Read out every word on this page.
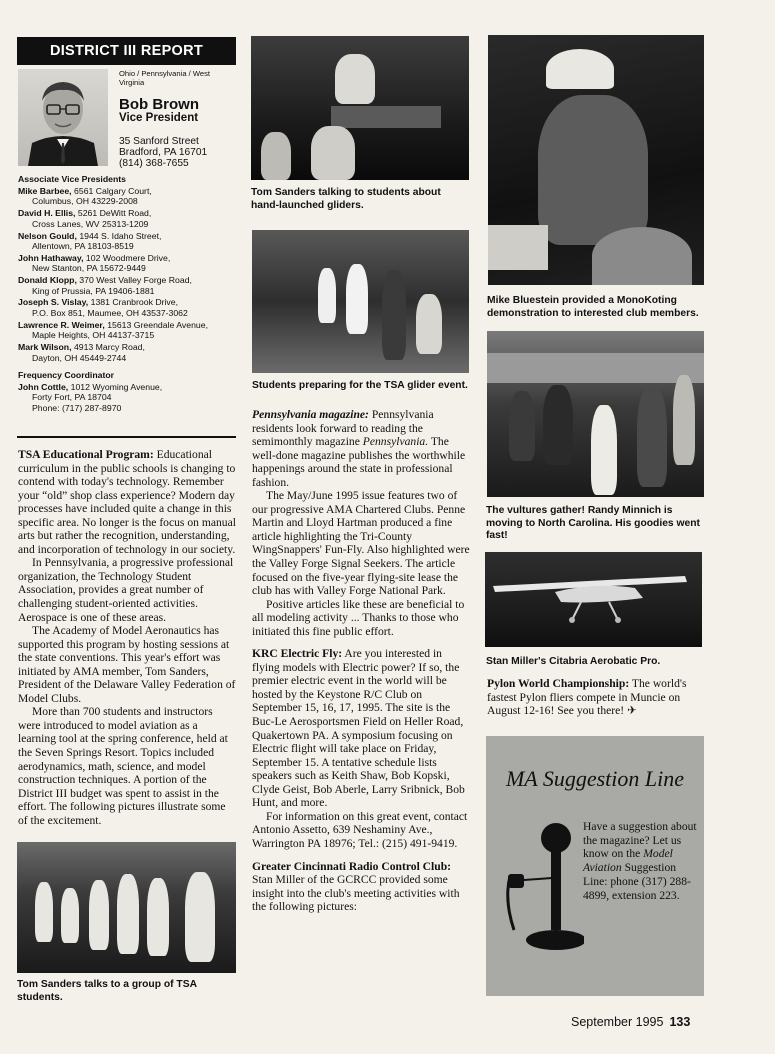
DISTRICT III REPORT
Ohio / Pennsylvania / West Virginia
Bob Brown
Vice President
35 Sanford Street
Bradford, PA 16701
(814) 368-7655
Associate Vice Presidents
Mike Barbee, 6561 Calgary Court,
Columbus, OH 43229-2008
David H. Ellis, 5261 DeWitt Road,
Cross Lanes, WV 25313-1209
Nelson Gould, 1944 S. Idaho Street,
Allentown, PA 18103-8519
John Hathaway, 102 Woodmere Drive,
New Stanton, PA 15672-9449
Donald Klopp, 370 West Valley Forge Road,
King of Prussia, PA 19406-1881
Joseph S. Vislay, 1381 Cranbrook Drive,
P.O. Box 851, Maumee, OH 43537-3062
Lawrence R. Weimer, 15613 Greendale Avenue,
Maple Heights, OH 44137-3715
Mark Wilson, 4913 Marcy Road,
Dayton, OH 45449-2744
Frequency Coordinator
John Cottle, 1012 Wyoming Avenue,
Forty Fort, PA 18704
Phone: (717) 287-8970

TSA Educational Program: Educational curriculum in the public schools is changing to contend with today's technology. Remember your “old” shop class experience? Modern day processes have included quite a change in this specific area. No longer is the focus on manual arts but rather the recognition, understanding, and incorporation of technology in our society.

In Pennsylvania, a progressive professional organization, the Technology Student Association, provides a great number of challenging student-oriented activities. Aerospace is one of these areas.

The Academy of Model Aeronautics has supported this program by hosting sessions at the state conventions. This year's effort was initiated by AMA member, Tom Sanders, President of the Delaware Valley Federation of Model Clubs.

More than 700 students and instructors were introduced to model aviation as a learning tool at the spring conference, held at the Seven Springs Resort. Topics included aerodynamics, math, science, and model construction techniques. A portion of the District III budget was spent to assist in the effort. The following pictures illustrate some of the excitement.

Tom Sanders talks to a group of TSA students.

Tom Sanders talking to students about hand-launched gliders.

Students preparing for the TSA glider event.

Pennsylvania magazine: Pennsylvania residents look forward to reading the semimonthly magazine Pennsylvania. The well-done magazine publishes the worthwhile happenings around the state in professional fashion.

The May/June 1995 issue features two of our progressive AMA Chartered Clubs. Penne Martin and Lloyd Hartman produced a fine article highlighting the Tri-County WingSnappers' Fun-Fly. Also highlighted were the Valley Forge Signal Seekers. The article focused on the five-year flying-site lease the club has with Valley Forge National Park.

Positive articles like these are beneficial to all modeling activity ... Thanks to those who initiated this fine public effort.

KRC Electric Fly: Are you interested in flying models with Electric power? If so, the premier electric event in the world will be hosted by the Keystone R/C Club on September 15, 16, 17, 1995. The site is the Buc-Le Aerosportsmen Field on Heller Road, Quakertown PA. A symposium focusing on Electric flight will take place on Friday, September 15. A tentative schedule lists speakers such as Keith Shaw, Bob Kopski, Clyde Geist, Bob Aberle, Larry Sribnick, Bob Hunt, and more.

For information on this great event, contact Antonio Assetto, 639 Neshaminy Ave., Warrington PA 18976; Tel.: (215) 491-9419.

Greater Cincinnati Radio Control Club: Stan Miller of the GCRCC provided some insight into the club's meeting activities with the following pictures:

Mike Bluestein provided a MonoKoting demonstration to interested club members.

The vultures gather! Randy Minnich is moving to North Carolina. His goodies went fast!

Stan Miller's Citabria Aerobatic Pro.

Pylon World Championship: The world's fastest Pylon fliers compete in Muncie on August 12-16! See you there! ✈

MA Suggestion Line
Have a suggestion about the magazine? Let us know on the Model Aviation Suggestion Line: phone (317) 288-4899, extension 223.
September 1995 133
